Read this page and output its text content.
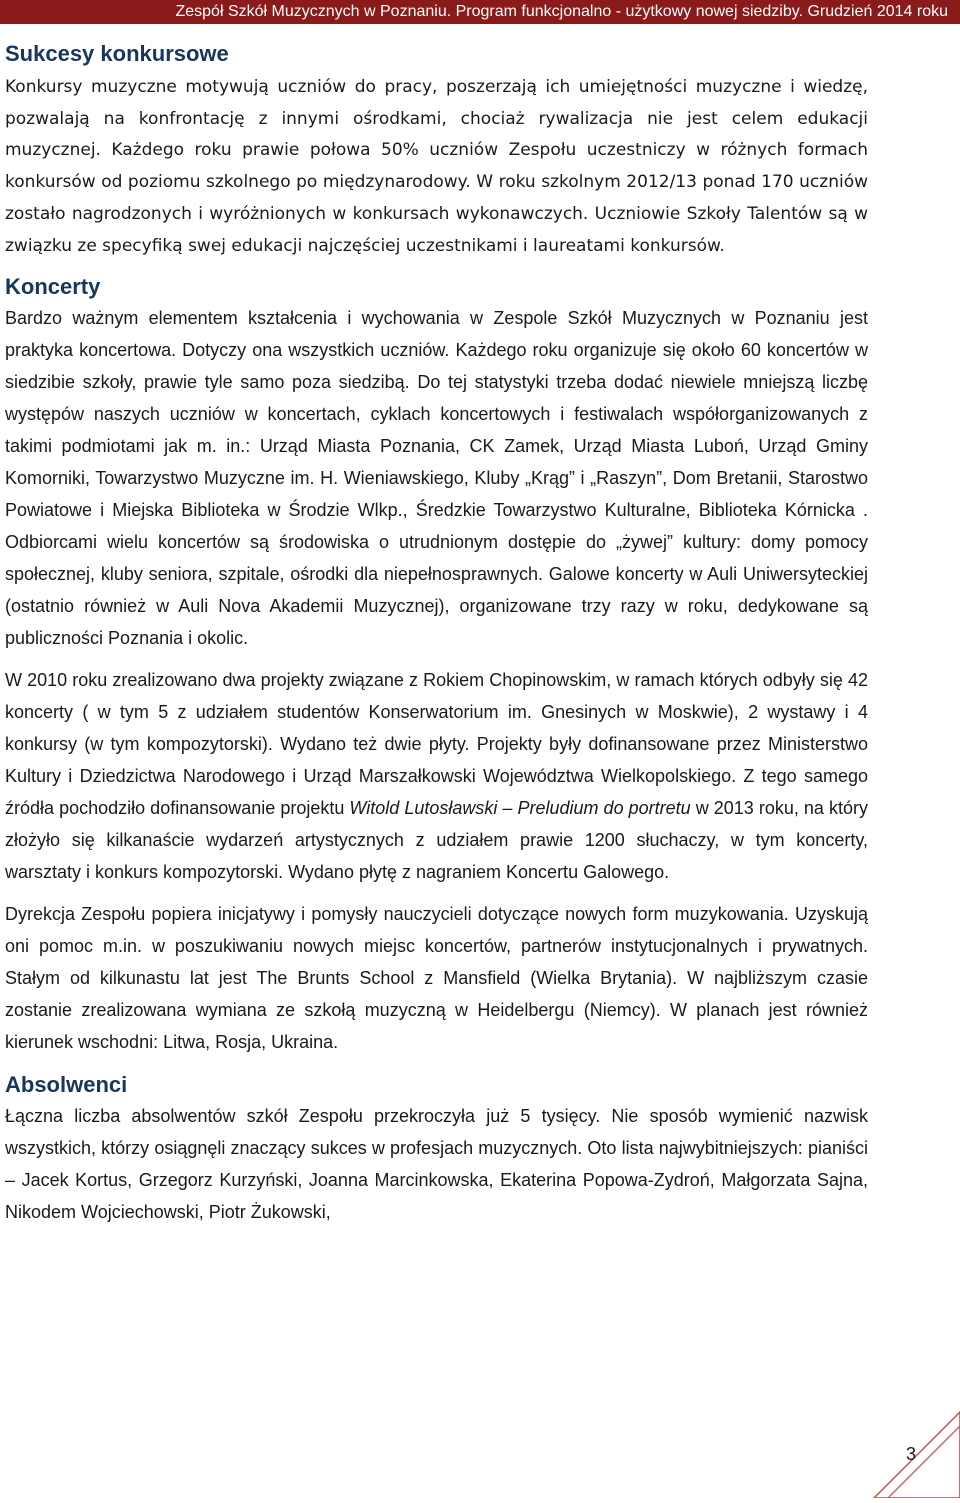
Zespół Szkół Muzycznych w Poznaniu. Program funkcjonalno - użytkowy nowej siedziby. Grudzień 2014 roku
Sukcesy konkursowe

Konkursy muzyczne motywują uczniów do pracy, poszerzają ich umiejętności muzyczne i wiedzę, pozwalają na konfrontację z innymi ośrodkami, chociaż rywalizacja nie jest celem edukacji muzycznej. Każdego roku prawie połowa 50% uczniów Zespołu uczestniczy w różnych formach konkursów od poziomu szkolnego po międzynarodowy. W roku szkolnym 2012/13 ponad 170 uczniów zostało nagrodzonych i wyróżnionych w konkursach wykonawczych. Uczniowie Szkoły Talentów są w związku ze specyfiką swej edukacji najczęściej uczestnikami i laureatami konkursów.

Koncerty

Bardzo ważnym elementem kształcenia i wychowania w Zespole Szkół Muzycznych w Poznaniu jest praktyka koncertowa. Dotyczy ona wszystkich uczniów. Każdego roku organizuje się około 60 koncertów w siedzibie szkoły, prawie tyle samo poza siedzibą. Do tej statystyki trzeba dodać niewiele mniejszą liczbę występów naszych uczniów w koncertach, cyklach koncertowych i festiwalach współorganizowanych z takimi podmiotami jak m. in.: Urząd Miasta Poznania, CK Zamek, Urząd Miasta Luboń, Urząd Gminy Komorniki, Towarzystwo Muzyczne im. H. Wieniawskiego, Kluby „Krąg” i „Raszyn”, Dom Bretanii, Starostwo Powiatowe i Miejska Biblioteka w Środzie Wlkp., Średzkie Towarzystwo Kulturalne, Biblioteka Kórnicka . Odbiorcami wielu koncertów są środowiska o utrudnionym dostępie do „żywej” kultury: domy pomocy społecznej, kluby seniora, szpitale, ośrodki dla niepełnosprawnych. Galowe koncerty w Auli Uniwersyteckiej (ostatnio również w Auli Nova Akademii Muzycznej), organizowane trzy razy w roku, dedykowane są publiczności Poznania i okolic.

W 2010 roku zrealizowano dwa projekty związane z Rokiem Chopinowskim, w ramach których odbyły się 42 koncerty ( w tym 5 z udziałem studentów Konserwatorium im. Gnesinych w Moskwie), 2 wystawy i 4 konkursy (w tym kompozytorski). Wydano też dwie płyty. Projekty były dofinansowane przez Ministerstwo Kultury i Dziedzictwa Narodowego i Urząd Marszałkowski Województwa Wielkopolskiego. Z tego samego źródła pochodziło dofinansowanie projektu Witold Lutosławski – Preludium do portretu w 2013 roku, na który złożyło się kilkanaście wydarzeń artystycznych z udziałem prawie 1200 słuchaczy, w tym koncerty, warsztaty i konkurs kompozytorski. Wydano płytę z nagraniem Koncertu Galowego.

Dyrekcja Zespołu popiera inicjatywy i pomysły nauczycieli dotyczące nowych form muzykowania. Uzyskują oni pomoc m.in. w poszukiwaniu nowych miejsc koncertów, partnerów instytucjonalnych i prywatnych. Stałym od kilkunastu lat jest The Brunts School z Mansfield (Wielka Brytania). W najbliższym czasie zostanie zrealizowana wymiana ze szkołą muzyczną w Heidelbergu (Niemcy). W planach jest również kierunek wschodni: Litwa, Rosja, Ukraina.

Absolwenci

Łączna liczba absolwentów szkół Zespołu przekroczyła już 5 tysięcy. Nie sposób wymienić nazwisk wszystkich, którzy osiągnęli znaczący sukces w profesjach muzycznych. Oto lista najwybitniejszych: pianiści – Jacek Kortus, Grzegorz Kurzyński, Joanna Marcinkowska, Ekaterina Popowa-Zydroń, Małgorzata Sajna, Nikodem Wojciechowski, Piotr Żukowski,

3
